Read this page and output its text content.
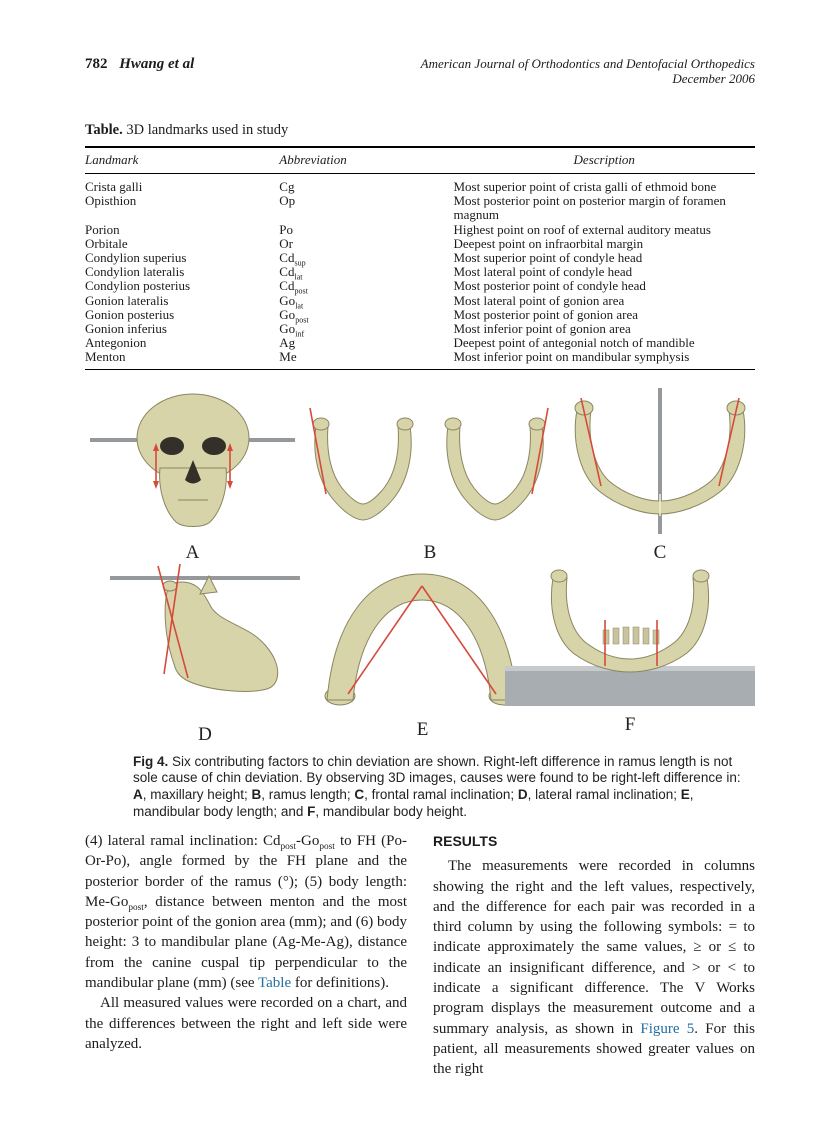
782 Hwang et al	American Journal of Orthodontics and Dentofacial Orthopedics
December 2006

Table. 3D landmarks used in study

Landmark	Abbreviation	Description
Crista galli	Cg	Most superior point of crista galli of ethmoid bone
Opisthion	Op	Most posterior point on posterior margin of foramen magnum
Porion	Po	Highest point on roof of external auditory meatus
Orbitale	Or	Deepest point on infraorbital margin
Condylion superius	$Cd_{sup}$	Most superior point of condyle head
Condylion lateralis	$Cd_{lat}$	Most lateral point of condyle head
Condylion posterius	$Cd_{post}$	Most posterior point of condyle head
Gonion lateralis	$Go_{lat}$	Most lateral point of gonion area
Gonion posterius	$Go_{post}$	Most posterior point of gonion area
Gonion inferius	$Go_{inf}$	Most inferior point of gonion area
Antegonion	Ag	Deepest point of antegonial notch of mandible
Menton	Me	Most inferior point on mandibular symphysis
A	B	C
D	E	F

Fig 4. Six contributing factors to chin deviation are shown. Right-left difference in ramus length is not sole cause of chin deviation. By observing 3D images, causes were found to be right-left difference in: A, maxillary height; B, ramus length; C, frontal ramal inclination; D, lateral ramal inclination; E, mandibular body length; and F, mandibular body height.

(4) lateral ramal inclination: $Cd_{post}-Go_{post}$ to FH (Po-Or-Po), angle formed by the FH plane and the posterior border of the ramus (°); (5) body length: $Me-Go_{post}$, distance between menton and the most posterior point of the gonion area (mm); and (6) body height: 3 to mandibular plane (Ag-Me-Ag), distance from the canine cuspal tip perpendicular to the mandibular plane (mm) (see Table for definitions).

All measured values were recorded on a chart, and the differences between the right and left side were analyzed.

RESULTS

The measurements were recorded in columns showing the right and the left values, respectively, and the difference for each pair was recorded in a third column by using the following symbols: = to indicate approximately the same values, ≥ or ≤ to indicate an insignificant difference, and > or < to indicate a significant difference. The V Works program displays the measurement outcome and a summary analysis, as shown in Figure 5. For this patient, all measurements showed greater values on the right
